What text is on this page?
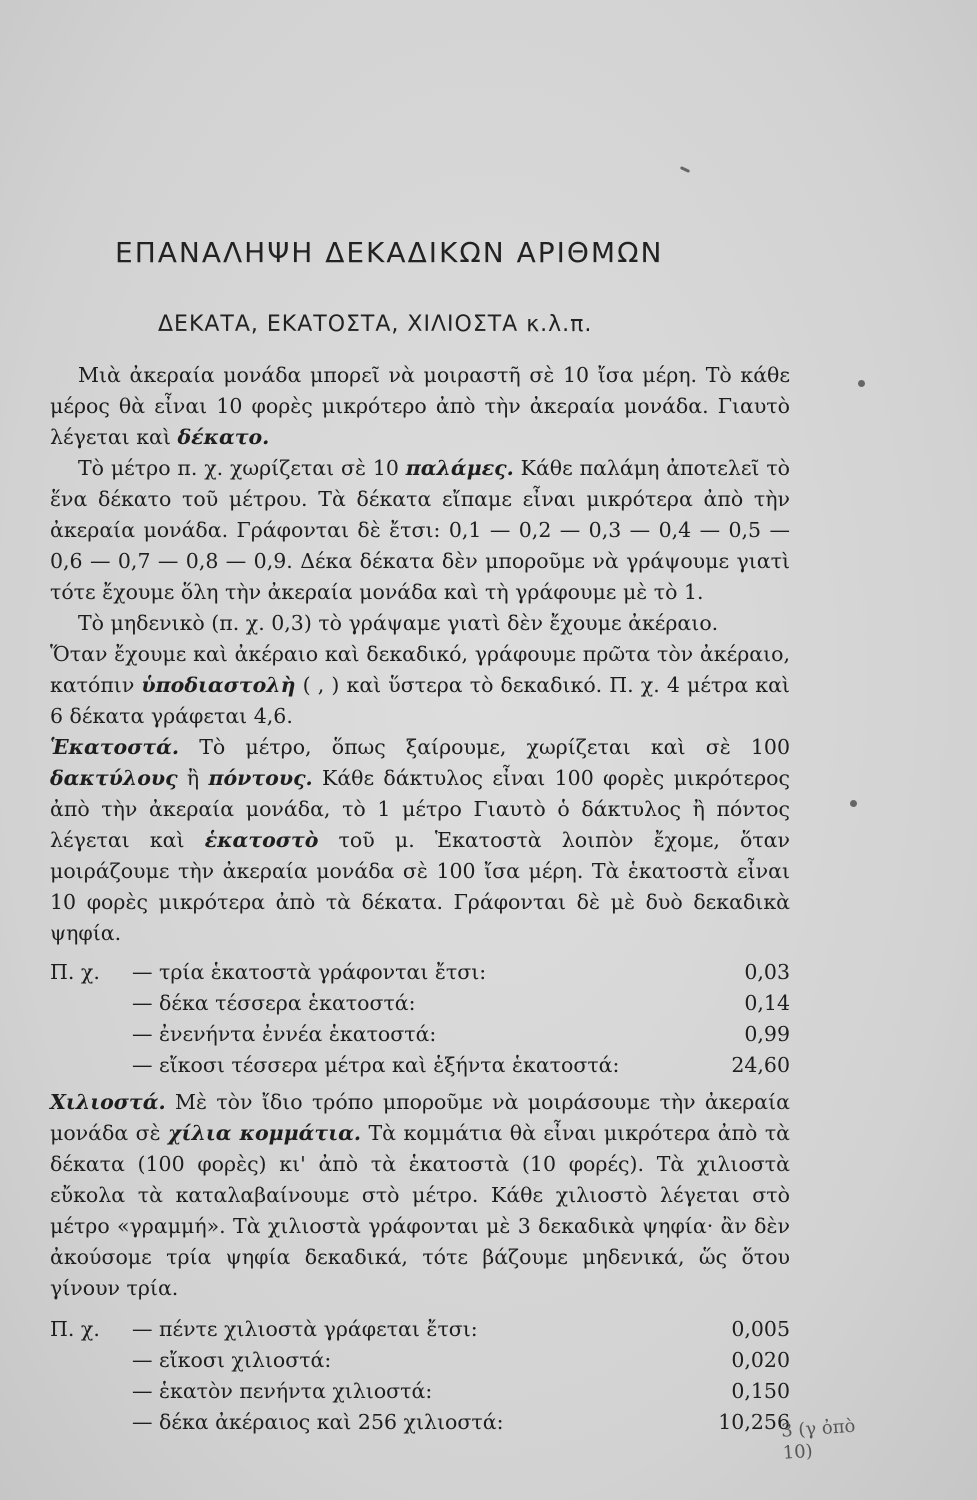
ΕΠΑΝΑΛΗΨΗ ΔΕΚΑΔΙΚΩΝ ΑΡΙΘΜΩΝ
ΔΕΚΑΤΑ, ΕΚΑΤΟΣΤΑ, ΧΙΛΙΟΣΤΑ κ.λ.π.

Μιὰ ἀκεραία μονάδα μπορεῖ νὰ μοιραστῆ σὲ 10 ἴσα μέρη. Τὸ κάθε μέρος θὰ εἶναι 10 φορὲς μικρότερο ἀπὸ τὴν ἀκεραία μονάδα. Γιαυτὸ λέγεται καὶ δέκατο.

Τὸ μέτρο π. χ. χωρίζεται σὲ 10 παλάμες. Κάθε παλάμη ἀποτελεῖ τὸ ἕνα δέκατο τοῦ μέτρου. Τὰ δέκατα εἴπαμε εἶναι μικρότερα ἀπὸ τὴν ἀκεραία μονάδα. Γράφονται δὲ ἔτσι: 0,1 — 0,2 — 0,3 — 0,4 — 0,5 — 0,6 — 0,7 — 0,8 — 0,9. Δέκα δέκατα δὲν μποροῦμε νὰ γράψουμε γιατὶ τότε ἔχουμε ὅλη τὴν ἀκεραία μονάδα καὶ τὴ γράφουμε μὲ τὸ 1.

Τὸ μηδενικὸ (π. χ. 0,3) τὸ γράψαμε γιατὶ δὲν ἔχουμε ἀκέραιο.

Ὅταν ἔχουμε καὶ ἀκέραιο καὶ δεκαδικό, γράφουμε πρῶτα τὸν ἀκέραιο, κατόπιν ὑποδιαστολὴ ( , ) καὶ ὕστερα τὸ δεκαδικό. Π. χ. 4 μέτρα καὶ 6 δέκατα γράφεται 4,6.

Ἑκατοστά. Τὸ μέτρο, ὅπως ξαίρουμε, χωρίζεται καὶ σὲ 100 δακτύλους ἢ πόντους. Κάθε δάκτυλος εἶναι 100 φορὲς μικρότερος ἀπὸ τὴν ἀκεραία μονάδα, τὸ 1 μέτρο Γιαυτὸ ὁ δάκτυλος ἢ πόντος λέγεται καὶ ἑκατοστὸ τοῦ μ. Ἑκατοστὰ λοιπὸν ἔχομε, ὅταν μοιράζουμε τὴν ἀκεραία μονάδα σὲ 100 ἴσα μέρη. Τὰ ἑκατοστὰ εἶναι 10 φορὲς μικρότερα ἀπὸ τὰ δέκατα. Γράφονται δὲ μὲ δυὸ δεκαδικὰ ψηφία.

Π. χ.	— τρία ἑκατοστὰ γράφονται ἔτσι:	0,03
— δέκα τέσσερα ἑκατοστά:	0,14
— ἐνενήντα ἐννέα ἑκατοστά:	0,99
— εἴκοσι τέσσερα μέτρα καὶ ἑξήντα ἑκατοστά:	24,60

Χιλιοστά. Μὲ τὸν ἴδιο τρόπο μποροῦμε νὰ μοιράσουμε τὴν ἀκεραία μονάδα σὲ χίλια κομμάτια. Τὰ κομμάτια θὰ εἶναι μικρότερα ἀπὸ τὰ δέκατα (100 φορὲς) κι' ἀπὸ τὰ ἑκατοστὰ (10 φορές). Τὰ χιλιοστὰ εὔκολα τὰ καταλαβαίνουμε στὸ μέτρο. Κάθε χιλιοστὸ λέγεται στὸ μέτρο «γραμμή». Τὰ χιλιοστὰ γράφονται μὲ 3 δεκαδικὰ ψηφία· ἂν δὲν ἀκούσομε τρία ψηφία δεκαδικά, τότε βάζουμε μηδενικά, ὥς ὅτου γίνουν τρία.

Π. χ.	— πέντε χιλιοστὰ γράφεται ἔτσι:	0,005
— εἴκοσι χιλιοστά:	0,020
— ἑκατὸν πενήντα χιλιοστά:	0,150
— δέκα ἀκέραιος καὶ 256 χιλιοστά:	10,256
3 (γ ὀπὸ 10)
